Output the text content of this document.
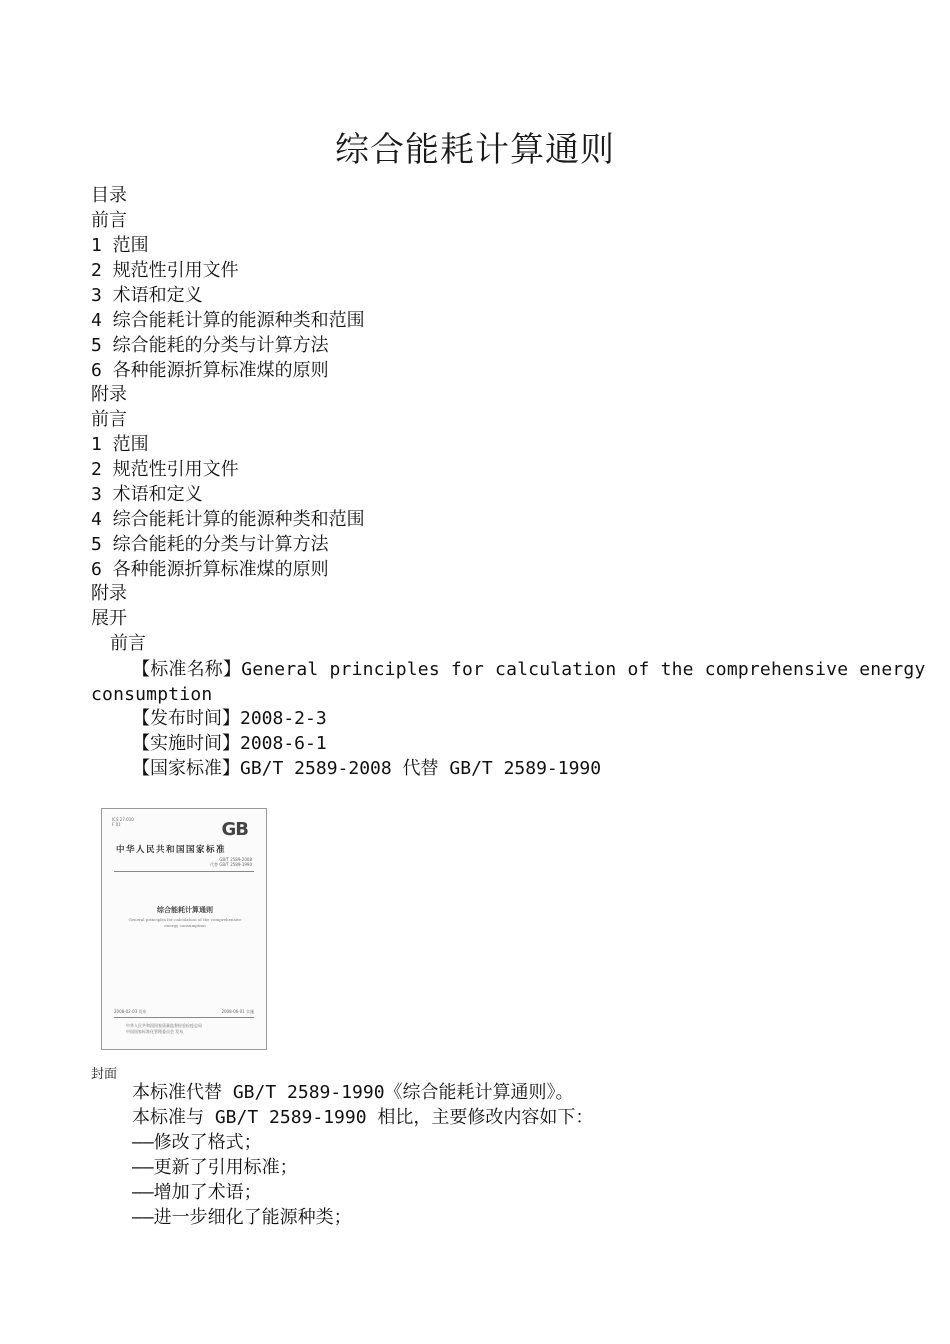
综合能耗计算通则
目录
前言
1 范围
2 规范性引用文件
3 术语和定义
4 综合能耗计算的能源种类和范围
5 综合能耗的分类与计算方法
6 各种能源折算标准煤的原则
附录
前言
1 范围
2 规范性引用文件
3 术语和定义
4 综合能耗计算的能源种类和范围
5 综合能耗的分类与计算方法
6 各种能源折算标准煤的原则
附录
展开
前言
【标准名称】General principles for calculation of the comprehensive energy
consumption
【发布时间】2008-2-3
【实施时间】2008-6-1
【国家标准】GB/T 2589-2008 代替 GB/T 2589-1990
ICS 27.010
F 01	GB
中华人民共和国国家标准
GB/T 2589-2008
代替 GB/T 2589-1990
综合能耗计算通则
General principles for calculation of the comprehensive energy consumption
2008-02-03 发布	2008-06-01 实施
中华人民共和国国家质量监督检验检疫总局
中国国家标准化管理委员会 发布
封面
本标准代替 GB/T 2589-1990《综合能耗计算通则》。
本标准与 GB/T 2589-1990 相比，主要修改内容如下：
——修改了格式；
——更新了引用标准；
——增加了术语；
——进一步细化了能源种类；
